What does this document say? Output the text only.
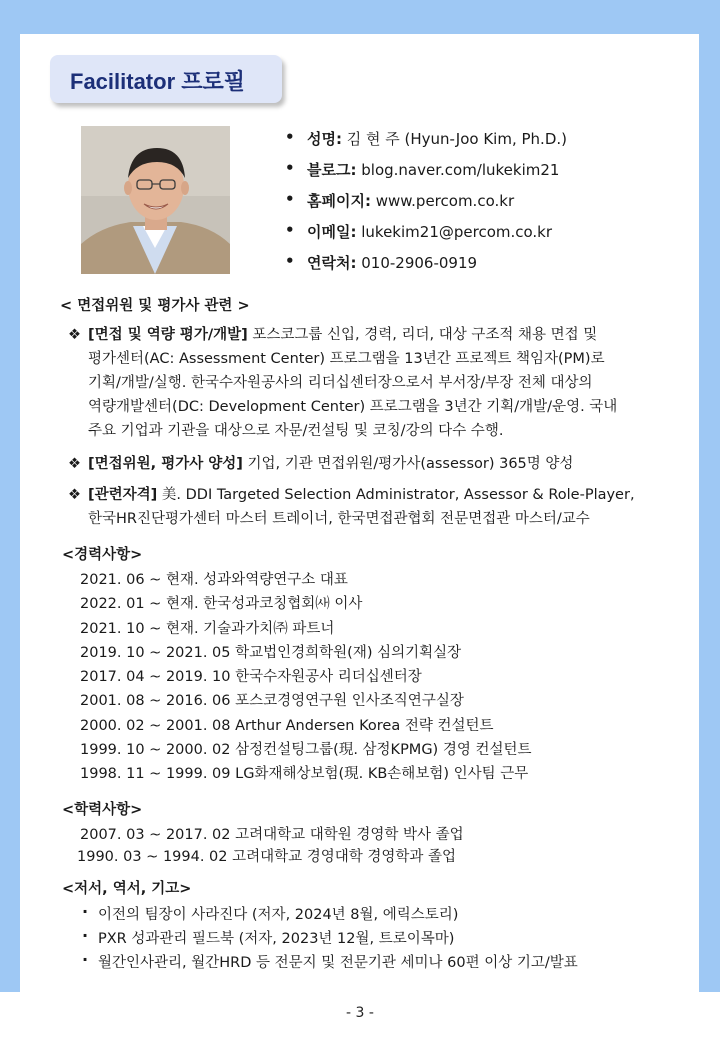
Facilitator 프로필
• 성명: 김 현 주 (Hyun-Joo Kim, Ph.D.)
• 블로그: blog.naver.com/lukekim21
• 홈페이지: www.percom.co.kr
• 이메일: lukekim21@percom.co.kr
• 연락처: 010-2906-0919
< 면접위원 및 평가사 관련 >
❖ [면접 및 역량 평가/개발] 포스코그룹 신입, 경력, 리더, 대상 구조적 채용 면접 및
평가센터(AC: Assessment Center) 프로그램을 13년간 프로젝트 책임자(PM)로
기획/개발/실행. 한국수자원공사의 리더십센터장으로서 부서장/부장 전체 대상의
역량개발센터(DC: Development Center) 프로그램을 3년간 기획/개발/운영. 국내
주요 기업과 기관을 대상으로 자문/컨설팅 및 코칭/강의 다수 수행.
❖ [면접위원, 평가사 양성] 기업, 기관 면접위원/평가사(assessor) 365명 양성
❖ [관련자격] 美. DDI Targeted Selection Administrator, Assessor & Role-Player,
한국HR진단평가센터 마스터 트레이너, 한국면접관협회 전문면접관 마스터/교수
<경력사항>
2021. 06 ~ 현재. 성과와역량연구소 대표
2022. 01 ~ 현재. 한국성과코칭협회㈔ 이사
2021. 10 ~ 현재. 기술과가치㈜ 파트너
2019. 10 ~ 2021. 05 학교법인경희학원(재) 심의기획실장
2017. 04 ~ 2019. 10 한국수자원공사 리더십센터장
2001. 08 ~ 2016. 06 포스코경영연구원 인사조직연구실장
2000. 02 ~ 2001. 08 Arthur Andersen Korea 전략 컨설턴트
1999. 10 ~ 2000. 02 삼정컨설팅그룹(現. 삼정KPMG) 경영 컨설턴트
1998. 11 ~ 1999. 09 LG화재해상보험(現. KB손해보험) 인사팀 근무
<학력사항>
2007. 03 ~ 2017. 02 고려대학교 대학원 경영학 박사 졸업
1990. 03 ~ 1994. 02 고려대학교 경영대학 경영학과 졸업
<저서, 역서, 기고>
· 이전의 팀장이 사라진다 (저자, 2024년 8월, 에릭스토리)
· PXR 성과관리 필드북 (저자, 2023년 12월, 트로이목마)
· 월간인사관리, 월간HRD 등 전문지 및 전문기관 세미나 60편 이상 기고/발표
- 3 -
